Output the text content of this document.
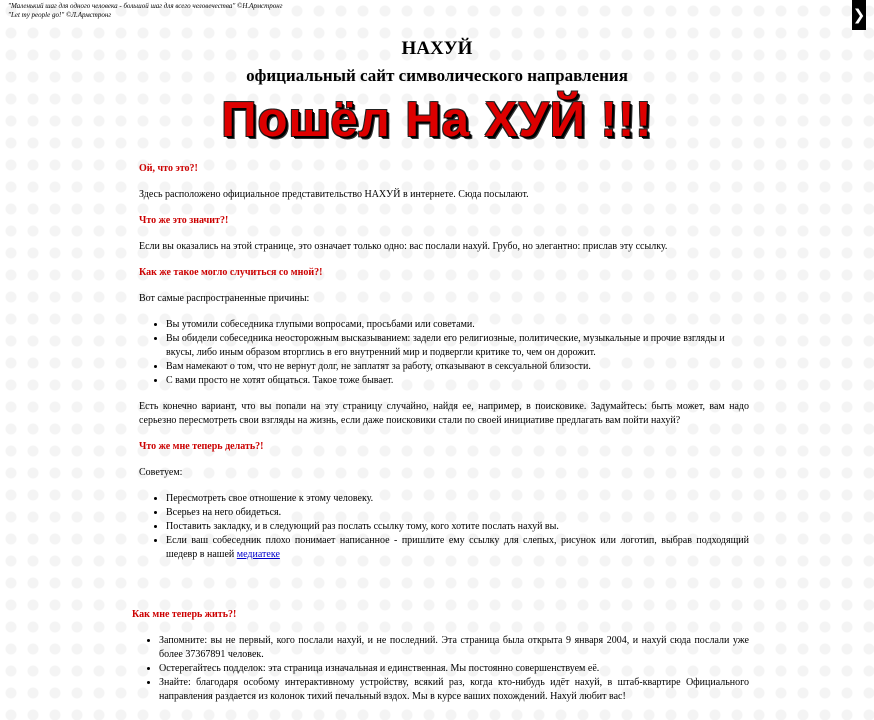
"Маленький шаг для одного человека - большой шаг для всего человечества" ©Н.Армстронг
"Let my people go!" ©Л.Армстронг	❯
НАХУЙ
официальный сайт символического направления
Пошёл На ХУЙ !!!
Ой, что это?!

Здесь расположено официальное представительство НАХУЙ в интернете. Сюда посылают.

Что же это значит?!

Если вы оказались на этой странице, это означает только одно: вас послали нахуй. Грубо, но элегантно: прислав эту ссылку.

Как же такое могло случиться со мной?!

Вот самые распространенные причины:

• Вы утомили собеседника глупыми вопросами, просьбами или советами.
• Вы обидели собеседника неосторожным высказыванием: задели его религиозные, политические, музыкальные и прочие взгляды и вкусы, либо иным образом вторглись в его внутренний мир и подвергли критике то, чем он дорожит.
• Вам намекают о том, что не вернут долг, не заплатят за работу, отказывают в сексуальной близости.
• С вами просто не хотят общаться. Такое тоже бывает.

Есть конечно вариант, что вы попали на эту страницу случайно, найдя ее, например, в поисковике. Задумайтесь: быть может, вам надо серьезно пересмотреть свои взгляды на жизнь, если даже поисковики стали по своей инициативе предлагать вам пойти нахуй?

Что же мне теперь делать?!

Советуем:

• Пересмотреть свое отношение к этому человеку.
• Всерьез на него обидеться.
• Поставить закладку, и в следующий раз послать ссылку тому, кого хотите послать нахуй вы.
• Если ваш собеседник плохо понимает написанное - пришлите ему ссылку для слепых, рисунок или логотип, выбрав подходящий шедевр в нашей медиатеке
Как мне теперь жить?!
• Запомните: вы не первый, кого послали нахуй, и не последний. Эта страница была открыта 9 января 2004, и нахуй сюда послали уже более 37367891 человек.
• Остерегайтесь подделок: эта страница изначальная и единственная. Мы постоянно совершенствуем её.
• Знайте: благодаря особому интерактивному устройству, всякий раз, когда кто-нибудь идёт нахуй, в штаб-квартире Официального направления раздается из колонок тихий печальный вздох. Мы в курсе ваших похождений. Нахуй любит вас!
